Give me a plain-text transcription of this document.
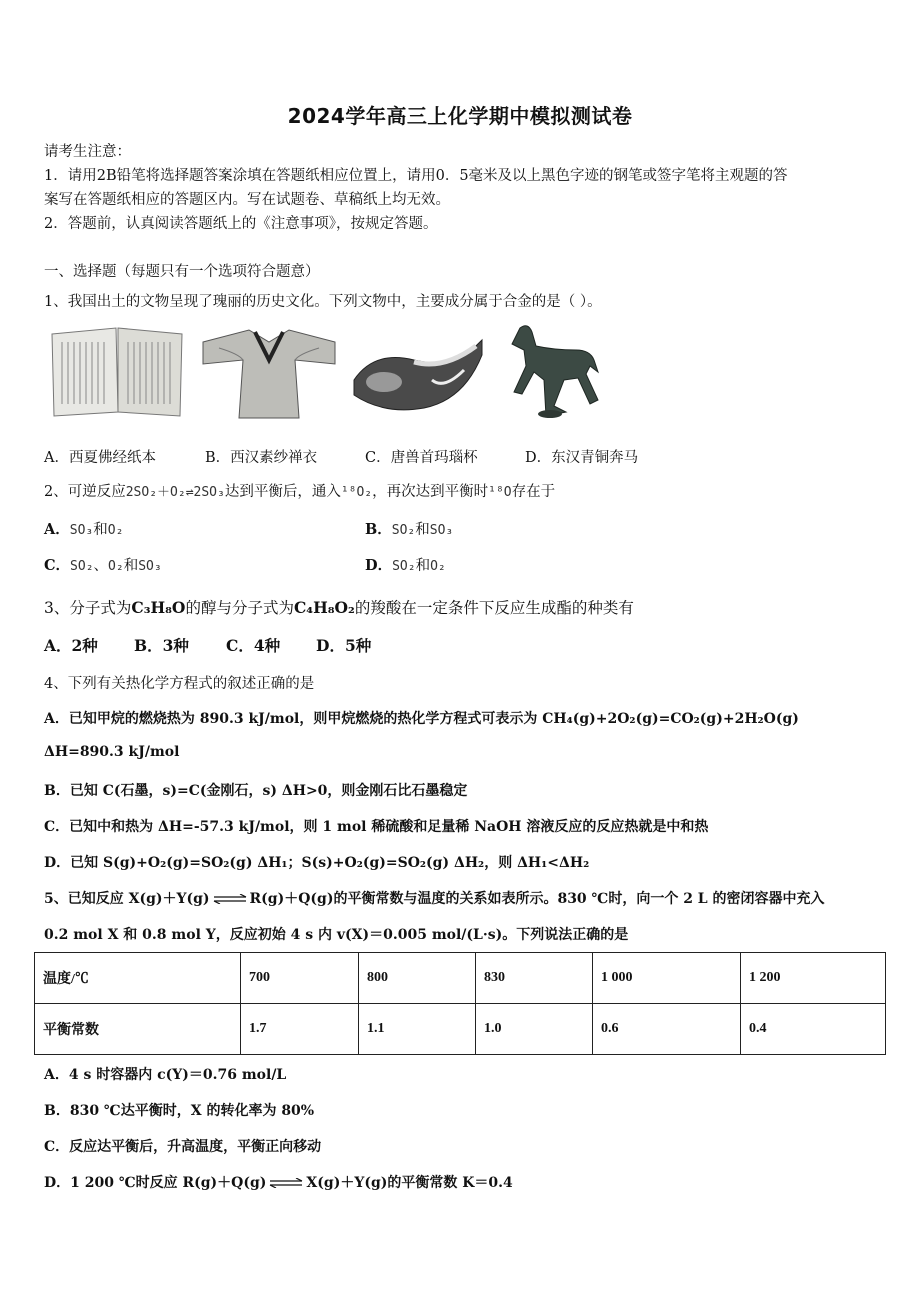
2024学年高三上化学期中模拟测试卷
请考生注意：
1．请用2B铅笔将选择题答案涂填在答题纸相应位置上，请用0．5毫米及以上黑色字迹的钢笔或签字笔将主观题的答
案写在答题纸相应的答题区内。写在试题卷、草稿纸上均无效。
2．答题前，认真阅读答题纸上的《注意事项》，按规定答题。
一、选择题（每题只有一个选项符合题意）
1、我国出土的文物呈现了瑰丽的历史文化。下列文物中，主要成分属于合金的是（ ）。
A．西夏佛经纸本	B．西汉素纱禅衣	C．唐兽首玛瑙杯	D．东汉青铜奔马
2、可逆反应2SO₂＋O₂⇌2SO₃达到平衡后，通入¹⁸O₂，再次达到平衡时¹⁸O存在于
A．SO₃和O₂	B．SO₂和SO₃
C．SO₂、O₂和SO₃	D．SO₂和O₂
3、分子式为C₃H₈O的醇与分子式为C₄H₈O₂的羧酸在一定条件下反应生成酯的种类有
A．2种 B．3种 C．4种 D．5种
4、下列有关热化学方程式的叙述正确的是
A．已知甲烷的燃烧热为 890.3 kJ/mol，则甲烷燃烧的热化学方程式可表示为 CH₄(g)+2O₂(g)=CO₂(g)+2H₂O(g)
ΔH=890.3 kJ/mol
B．已知 C(石墨，s)=C(金刚石，s) ΔH>0，则金刚石比石墨稳定
C．已知中和热为 ΔH=-57.3 kJ/mol，则 1 mol 稀硫酸和足量稀 NaOH 溶液反应的反应热就是中和热
D．已知 S(g)+O₂(g)=SO₂(g) ΔH₁；S(s)+O₂(g)=SO₂(g) ΔH₂，则 ΔH₁<ΔH₂
5、已知反应 X(g)＋Y(g) ⇌ R(g)＋Q(g)的平衡常数与温度的关系如表所示。830 ℃时，向一个 2 L 的密闭容器中充入
0.2 mol X 和 0.8 mol Y，反应初始 4 s 内 v(X)＝0.005 mol/(L·s)。下列说法正确的是
温度/℃	700	800	830	1 000	1 200
平衡常数	1.7	1.1	1.0	0.6	0.4
A．4 s 时容器内 c(Y)＝0.76 mol/L
B．830 ℃达平衡时，X 的转化率为 80%
C．反应达平衡后，升高温度，平衡正向移动
D．1 200 ℃时反应 R(g)＋Q(g) ⇌ X(g)＋Y(g)的平衡常数 K＝0.4
